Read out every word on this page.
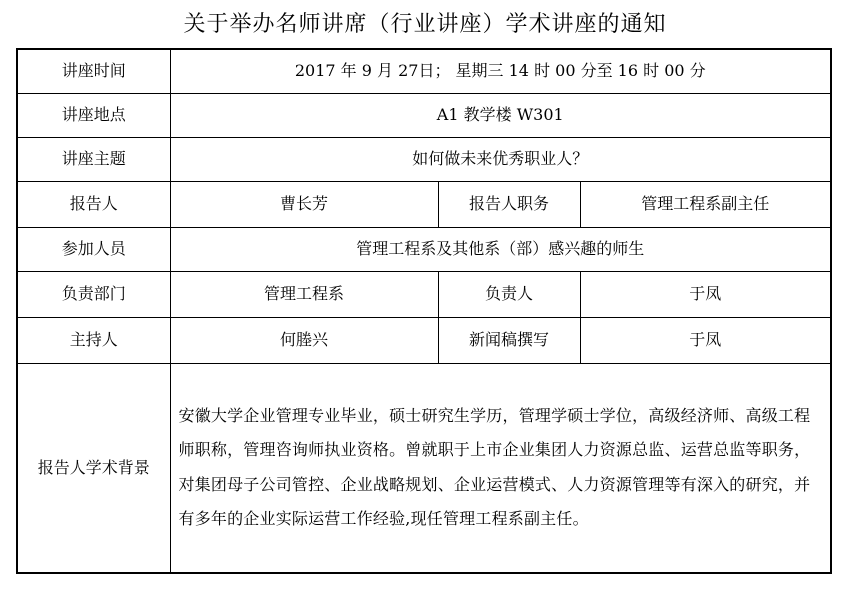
关于举办名师讲席（行业讲座）学术讲座的通知
讲座时间	2017 年 9 月 27日； 星期三 14 时 00 分至 16 时 00 分		
讲座地点	A1 教学楼 W301		
讲座主题	如何做未来优秀职业人？		
报告人	曹长芳	报告人职务	管理工程系副主任
参加人员	管理工程系及其他系（部）感兴趣的师生		
负责部门	管理工程系	负责人	于凤
主持人	何塍兴	新闻稿撰写	于凤
报告人学术背景	安徽大学企业管理专业毕业，硕士研究生学历，管理学硕士学位，高级经济师、高级工程师职称，管理咨询师执业资格。曾就职于上市企业集团人力资源总监、运营总监等职务，对集团母子公司管控、企业战略规划、企业运营模式、人力资源管理等有深入的研究，并有多年的企业实际运营工作经验,现任管理工程系副主任。		
